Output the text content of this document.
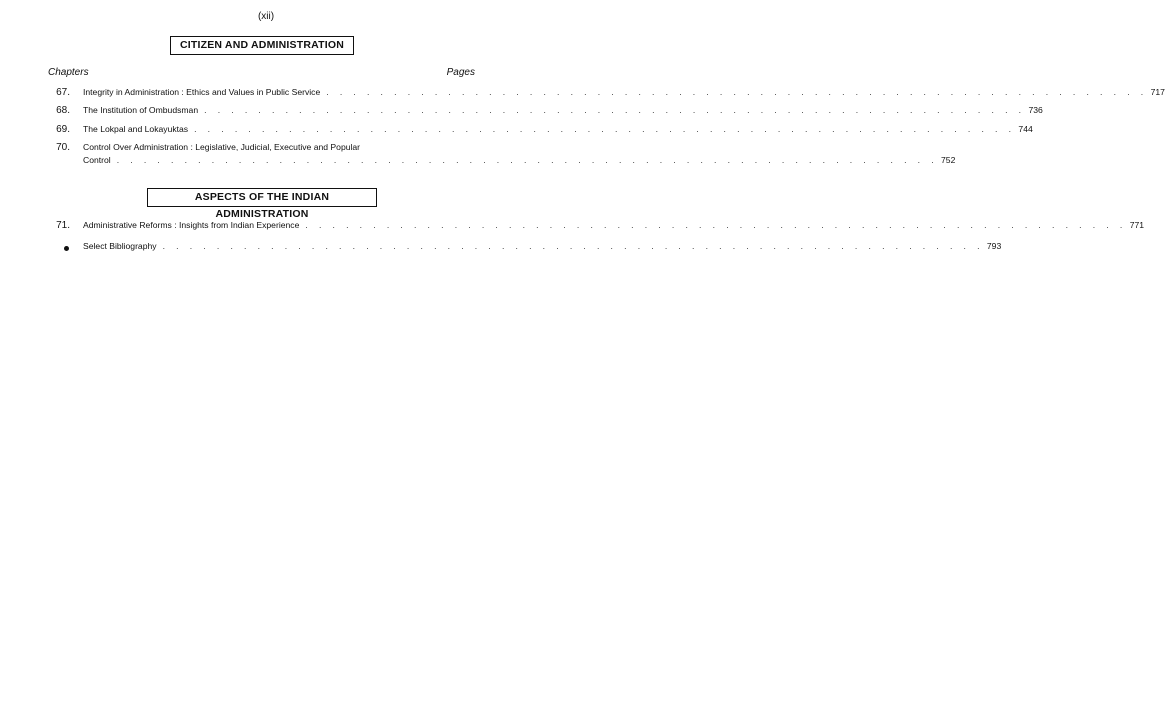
(xii)
CITIZEN AND ADMINISTRATION
Chapters	Pages
67. Integrity in Administration : Ethics and Values in Public Service . . . . . . . . . . . . . . . . . . . . . . . . . . . . . . . . . . . . . . . . . . . . . . . . . . . . . . . . . . . . . 717
68. The Institution of Ombudsman . . . . . . . . . . . . . . . . . . . . . . . . . . . . . . . . . . . . . . . . . . . . . . . . . . . . . . . . . . . . . 736
69. The Lokpal and Lokayuktas . . . . . . . . . . . . . . . . . . . . . . . . . . . . . . . . . . . . . . . . . . . . . . . . . . . . . . . . . . . . . 744
70. Control Over Administration : Legislative, Judicial, Executive and Popular
Control . . . . . . . . . . . . . . . . . . . . . . . . . . . . . . . . . . . . . . . . . . . . . . . . . . . . . . . . . . . . . 752
ASPECTS OF THE INDIAN ADMINISTRATION
71. Administrative Reforms : Insights from Indian Experience . . . . . . . . . . . . . . . . . . . . . . . . . . . . . . . . . . . . . . . . . . . . . . . . . . . . . . . . . . . . . 771
Select Bibliography . . . . . . . . . . . . . . . . . . . . . . . . . . . . . . . . . . . . . . . . . . . . . . . . . . . . . . . . . . . . . 793
